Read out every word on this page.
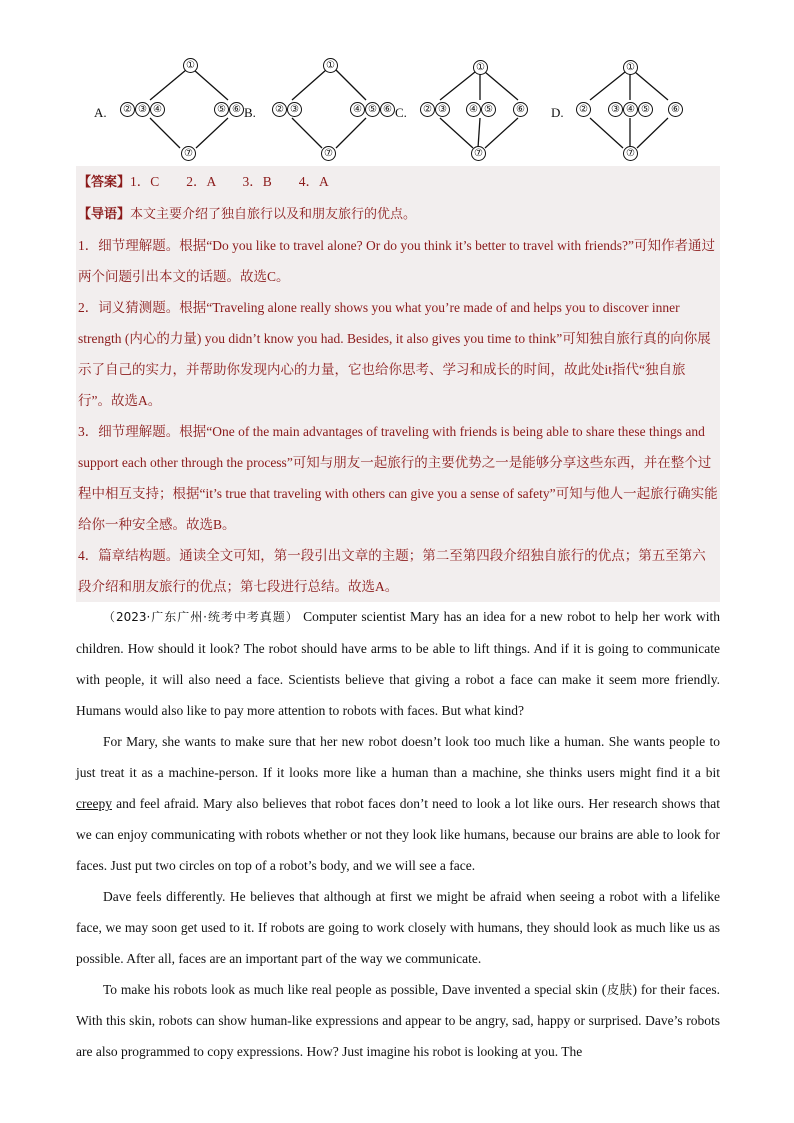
A.
①
② ③ ④	⑤ ⑥
⑦
B.
①
② ③	④ ⑤ ⑥
⑦
C.
①
② ③	④ ⑤	⑥
⑦
D.
①
②	③ ④ ⑤	⑥
⑦

【答案】1．C　　2．A　　3．B　　4．A

【导语】本文主要介绍了独自旅行以及和朋友旅行的优点。

1．细节理解题。根据“Do you like to travel alone? Or do you think it’s better to travel with friends?”可知作者通过两个问题引出本文的话题。故选C。

2．词义猜测题。根据“Traveling alone really shows you what you’re made of and helps you to discover inner strength (内心的力量) you didn’t know you had. Besides, it also gives you time to think”可知独自旅行真的向你展示了自己的实力，并帮助你发现内心的力量，它也给你思考、学习和成长的时间，故此处it指代“独自旅行”。故选A。

3．细节理解题。根据“One of the main advantages of traveling with friends is being able to share these things and support each other through the process”可知与朋友一起旅行的主要优势之一是能够分享这些东西，并在整个过程中相互支持；根据“it’s true that traveling with others can give you a sense of safety”可知与他人一起旅行确实能给你一种安全感。故选B。

4．篇章结构题。通读全文可知，第一段引出文章的主题；第二至第四段介绍独自旅行的优点；第五至第六段介绍和朋友旅行的优点；第七段进行总结。故选A。

（2023·广东广州·统考中考真题） Computer scientist Mary has an idea for a new robot to help her work with children. How should it look? The robot should have arms to be able to lift things. And if it is going to communicate with people, it will also need a face. Scientists believe that giving a robot a face can make it seem more friendly. Humans would also like to pay more attention to robots with faces. But what kind?

For Mary, she wants to make sure that her new robot doesn’t look too much like a human. She wants people to just treat it as a machine-person. If it looks more like a human than a machine, she thinks users might find it a bit creepy and feel afraid. Mary also believes that robot faces don’t need to look a lot like ours. Her research shows that we can enjoy communicating with robots whether or not they look like humans, because our brains are able to look for faces. Just put two circles on top of a robot’s body, and we will see a face.

Dave feels differently. He believes that although at first we might be afraid when seeing a robot with a lifelike face, we may soon get used to it. If robots are going to work closely with humans, they should look as much like us as possible. After all, faces are an important part of the way we communicate.

To make his robots look as much like real people as possible, Dave invented a special skin (皮肤) for their faces. With this skin, robots can show human-like expressions and appear to be angry, sad, happy or surprised. Dave’s robots are also programmed to copy expressions. How? Just imagine his robot is looking at you. The
